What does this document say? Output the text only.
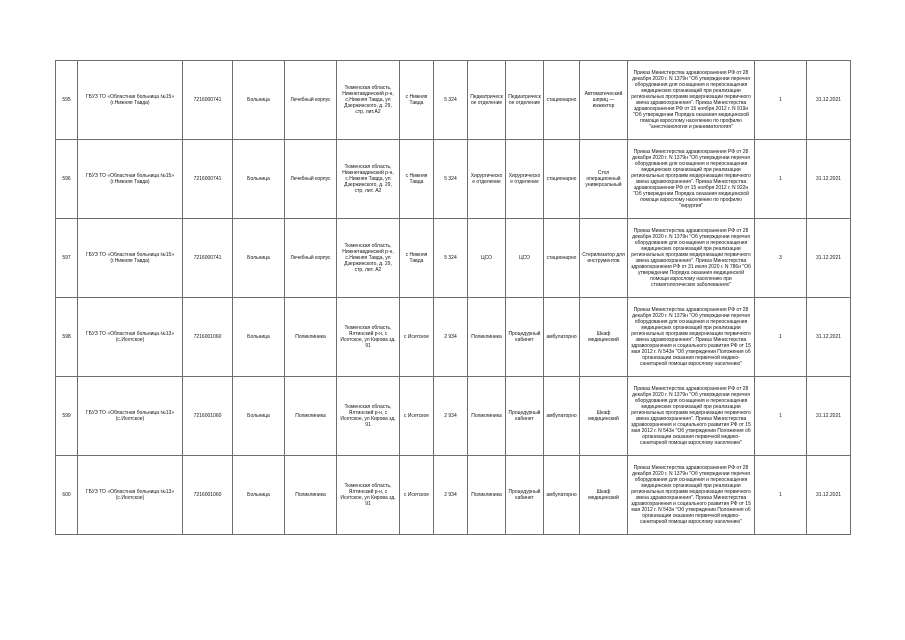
595	ГБУЗ ТО «Областная больница №15» (г.Нижняя Тавда)	7216000741	Больница	Лечебный корпус	Тюменская область, Нижнетавдинский р-н, с.Нижняя Тавда, ул Дзержинского, д. 29, стр, лит.А2	с Нижняя Тавда	5 324	Педиатрическое отделение	Педиатрическое отделение	стационарно	Автоматический шприц — инжектор	Приказ Министерства здравоохранения РФ от 28 декабря 2020 г. N 1379н "Об утверждении перечня оборудования для оснащения и переоснащения медицинских организаций при реализации региональных программ модернизации первичного звена здравоохранения". Приказ Министерства здравоохранения РФ от 15 ноября 2012 г. N 919н "Об утверждении Порядка оказания медицинской помощи взрослому населению по профилю "анестезиология и реаниматология"	1	31.12.2021
596	ГБУЗ ТО «Областная больница №15» (г.Нижняя Тавда)	7216000741	Больница	Лечебный корпус	Тюменская область, Нижнетавдинский р-н, с.Нижняя Тавда, ул Дзержинского, д. 29, стр, лит. А2	с Нижняя Тавда	5 324	Хирургическое отделение	Хирургическое отделение	стационарно	Стол операционный универсальный	Приказ Министерства здравоохранения РФ от 28 декабря 2020 г. N 1379н "Об утверждении перечня оборудования для оснащения и переоснащения медицинских организаций при реализации региональных программ модернизации первичного звена здравоохранения". Приказ Министерства здравоохранения РФ от 15 ноября 2012 г. N 922н "Об утверждении Порядка оказания медицинской помощи взрослому населению по профилю "хирургия"	1	31.12.2021
597	ГБУЗ ТО «Областная больница №15» (г.Нижняя Тавда)	7216000741	Больница	Лечебный корпус	Тюменская область, Нижнетавдинский р-н, с.Нижняя Тавда, ул Дзержинского, д. 29, стр, лит. А2	с Нижняя Тавда	5 324	ЦСО	ЦСО	стационарно	Стерилизатор для инструментов	Приказ Министерства здравоохранения РФ от 28 декабря 2020 г. N 1379н "Об утверждении перечня оборудования для оснащения и переоснащения медицинских организаций при реализации региональных программ модернизации первичного звена здравоохранения". Приказ Министерства здравоохранения РФ от 31 июля 2020 г. N 786н "Об утверждении Порядка оказания медицинской помощи взрослому населению при стоматологических заболеваниях"	3	31.12.2021
598	ГБУЗ ТО «Областная больница №13» (с.Исетское)	7216001060	Больница	Поликлиника	Тюменская область, Ялтинский р-н, с Исетское, ул Кирова зд. 91	с Исетское	2 934	Поликлиника	Процедурный кабинет	амбулаторно	Шкаф медицинский	Приказ Министерства здравоохранения РФ от 28 декабря 2020 г. N 1379н "Об утверждении перечня оборудования для оснащения и переоснащения медицинских организаций при реализации региональных программ модернизации первичного звена здравоохранения". Приказ Министерства здравоохранения и социального развития РФ от 15 мая 2012 г. N 543н "Об утверждении Положения об организации оказания первичной медико-санитарной помощи взрослому населению"	1	31.12.2021
599	ГБУЗ ТО «Областная больница №13» (с.Исетское)	7216001060	Больница	Поликлиника	Тюменская область, Ялтинский р-н, с Исетское, ул Кирова зд. 91	с Исетское	2 934	Поликлиника	Процедурный кабинет	амбулаторно	Шкаф медицинский	Приказ Министерства здравоохранения РФ от 28 декабря 2020 г. N 1379н "Об утверждении перечня оборудования для оснащения и переоснащения медицинских организаций при реализации региональных программ модернизации первичного звена здравоохранения". Приказ Министерства здравоохранения и социального развития РФ от 15 мая 2012 г. N 543н "Об утверждении Положения об организации оказания первичной медико-санитарной помощи взрослому населению"	1	31.12.2021
600	ГБУЗ ТО «Областная больница №13» (с.Исетское)	7216001060	Больница	Поликлиника	Тюменская область, Ялтинский р-н, с Исетское, ул Кирова зд. 91	с Исетское	2 934	Поликлиника	Процедурный кабинет	амбулаторно	Шкаф медицинский	Приказ Министерства здравоохранения РФ от 28 декабря 2020 г. N 1379н "Об утверждении перечня оборудования для оснащения и переоснащения медицинских организаций при реализации региональных программ модернизации первичного звена здравоохранения". Приказ Министерства здравоохранения и социального развития РФ от 15 мая 2012 г. N 543н "Об утверждении Положения об организации оказания первичной медико-санитарной помощи взрослому населению"	1	31.12.2021
